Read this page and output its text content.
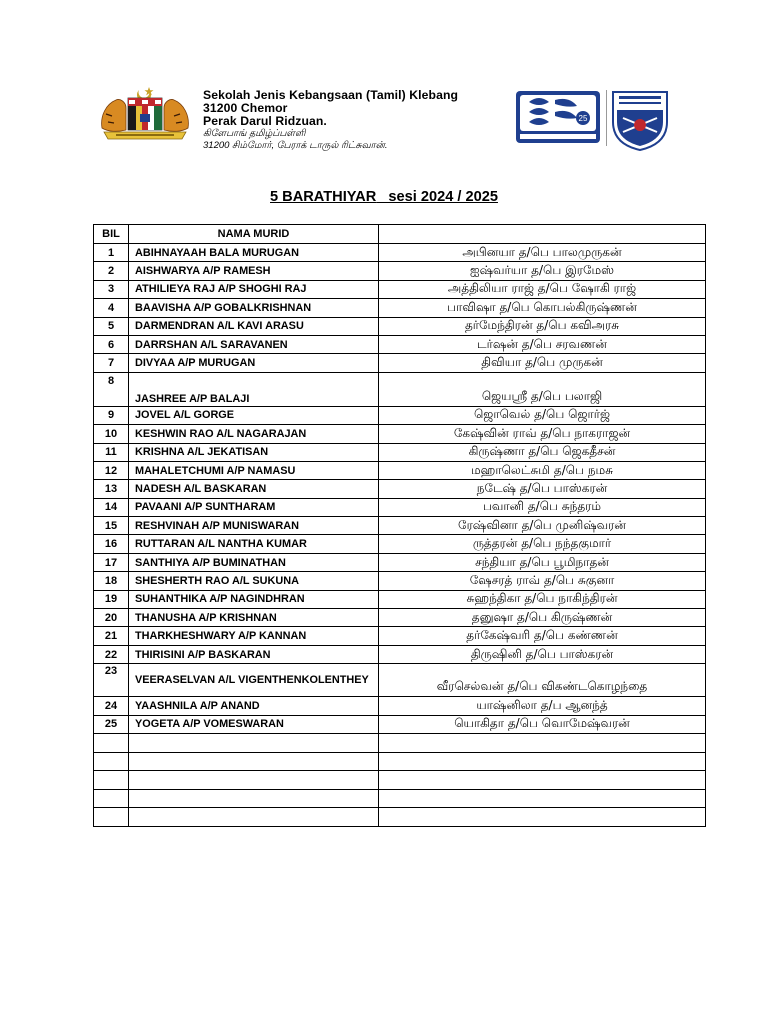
Sekolah Jenis Kebangsaan (Tamil) Klebang
31200 Chemor
Perak Darul Ridzuan.
கிளேபாங் தமிழ்ப்பள்ளி
31200 சிம்மோர், பேராக் டாருல் ரிட்சுவான்.
25
5 BARATHIYAR   sesi 2024 / 2025
BIL	NAMA MURID	
1	ABIHNAYAAH BALA MURUGAN	அபினயா த/பெ பாலமுருகன்
2	AISHWARYA A/P RAMESH	ஐஷ்வர்யா த/பெ இரமேஸ்
3	ATHILIEYA RAJ A/P SHOGHI RAJ	அத்திலியா ராஜ் த/பெ ஷோகி ராஜ்
4	BAAVISHA A/P GOBALKRISHNAN	பாவிஷா த/பெ கொபல்கிருஷ்ணன்
5	DARMENDRAN A/L KAVI ARASU	தர்மேந்திரன் த/பெ கவிஅரசு
6	DARRSHAN A/L SARAVANEN	டர்ஷன் த/பெ சரவணன்
7	DIVYAA A/P MURUGAN	திவியா த/பெ முருகன்
8	JASHREE A/P BALAJI	ஜெயஸ்ரீ த/பெ பலாஜி
9	JOVEL A/L GORGE	ஜொவெல் த/பெ ஜொர்ஜ்
10	KESHWIN RAO A/L NAGARAJAN	கேஷ்வின் ராவ் த/பெ நாகராஜன்
11	KRISHNA A/L JEKATISAN	கிருஷ்ணா த/பெ ஜெகதீசன்
12	MAHALETCHUMI A/P NAMASU	மஹாலெட்சுமி த/பெ நமசு
13	NADESH A/L BASKARAN	நடேஷ் த/பெ பாஸ்கரன்
14	PAVAANI A/P SUNTHARAM	பவானி த/பெ சுந்தரம்
15	RESHVINAH A/P MUNISWARAN	ரேஷ்வினா த/பெ முனிஷ்வரன்
16	RUTTARAN A/L NANTHA KUMAR	ருத்தரன் த/பெ நந்தகுமார்
17	SANTHIYA A/P BUMINATHAN	சந்தியா த/பெ பூமிநாதன்
18	SHESHERTH RAO A/L SUKUNA	ஷேசரத் ராவ் த/பெ சுகுனா
19	SUHANTHIKA A/P NAGINDHRAN	சுஹந்திகா த/பெ நாகிந்திரன்
20	THANUSHA A/P KRISHNAN	தனுஷா த/பெ கிருஷ்ணன்
21	THARKHESHWARY A/P KANNAN	தர்கேஷ்வரி த/பெ கண்ணன்
22	THIRISINI A/P BASKARAN	திருஷினி த/பெ பாஸ்கரன்
23	VEERASELVAN A/L VIGENTHENKOLENTHEY	வீரசெல்வன் த/பெ விகண்டகொழந்தை
24	YAASHNILA A/P ANAND	யாஷ்னிலா த/ப ஆனந்த்
25	YOGETA A/P VOMESWARAN	யொகிதா த/பெ வொமேஷ்வரன்
